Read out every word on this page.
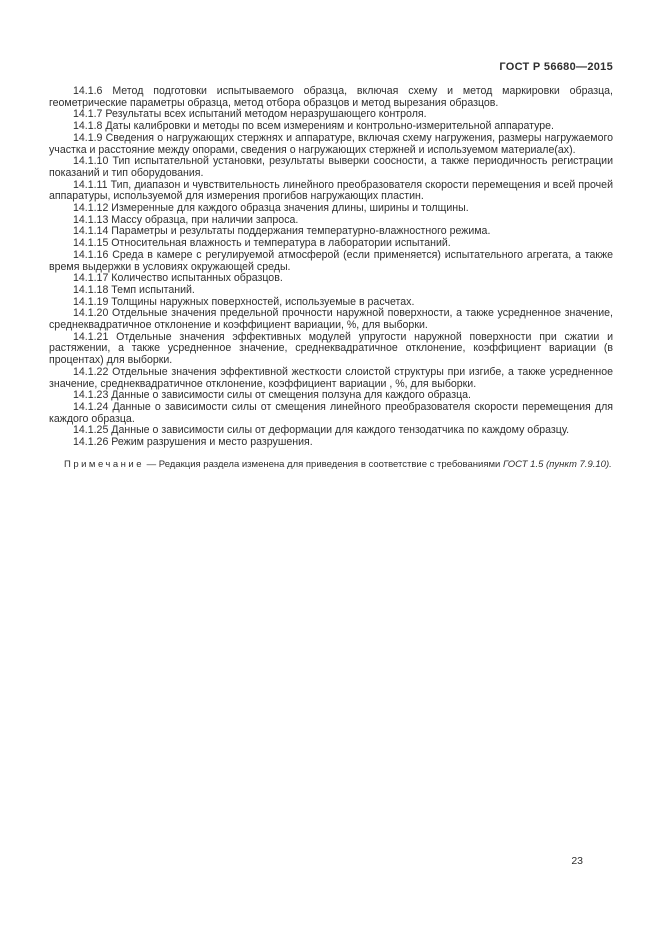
ГОСТ Р 56680—2015

14.1.6 Метод подготовки испытываемого образца, включая схему и метод маркировки образца, геометрические параметры образца, метод отбора образцов и метод вырезания образцов.

14.1.7 Результаты всех испытаний методом неразрушающего контроля.

14.1.8 Даты калибровки и методы по всем измерениям и контрольно-измерительной аппаратуре.

14.1.9 Сведения о нагружающих стержнях и аппаратуре, включая схему нагружения, размеры нагружаемого участка и расстояние между опорами, сведения о нагружающих стержней и используемом материале(ах).

14.1.10 Тип испытательной установки, результаты выверки соосности, а также периодичность регистрации показаний и тип оборудования.

14.1.11 Тип, диапазон и чувствительность линейного преобразователя скорости перемещения и всей прочей аппаратуры, используемой для измерения прогибов нагружающих пластин.

14.1.12 Измеренные для каждого образца значения длины, ширины и толщины.

14.1.13 Массу образца, при наличии запроса.

14.1.14 Параметры и результаты поддержания температурно-влажностного режима.

14.1.15 Относительная влажность и температура в лаборатории испытаний.

14.1.16 Среда в камере с регулируемой атмосферой (если применяется) испытательного агрегата, а также время выдержки в условиях окружающей среды.

14.1.17 Количество испытанных образцов.

14.1.18 Темп испытаний.

14.1.19 Толщины наружных поверхностей, используемые в расчетах.

14.1.20 Отдельные значения предельной прочности наружной поверхности, а также усредненное значение, среднеквадратичное отклонение и коэффициент вариации, %, для выборки.

14.1.21 Отдельные значения эффективных модулей упругости наружной поверхности при сжатии и растяжении, а также усредненное значение, среднеквадратичное отклонение, коэффициент вариации (в процентах) для выборки.

14.1.22 Отдельные значения эффективной жесткости слоистой структуры при изгибе, а также усредненное значение, среднеквадратичное отклонение, коэффициент вариации , %, для выборки.

14.1.23 Данные о зависимости силы от смещения ползуна для каждого образца.

14.1.24 Данные о зависимости силы от смещения линейного преобразователя скорости перемещения для каждого образца.

14.1.25 Данные о зависимости силы от деформации для каждого тензодатчика по каждому образцу.

14.1.26 Режим разрушения и место разрушения.

Примечание — Редакция раздела изменена для приведения в соответствие с требованиями ГОСТ 1.5 (пункт 7.9.10).

23
